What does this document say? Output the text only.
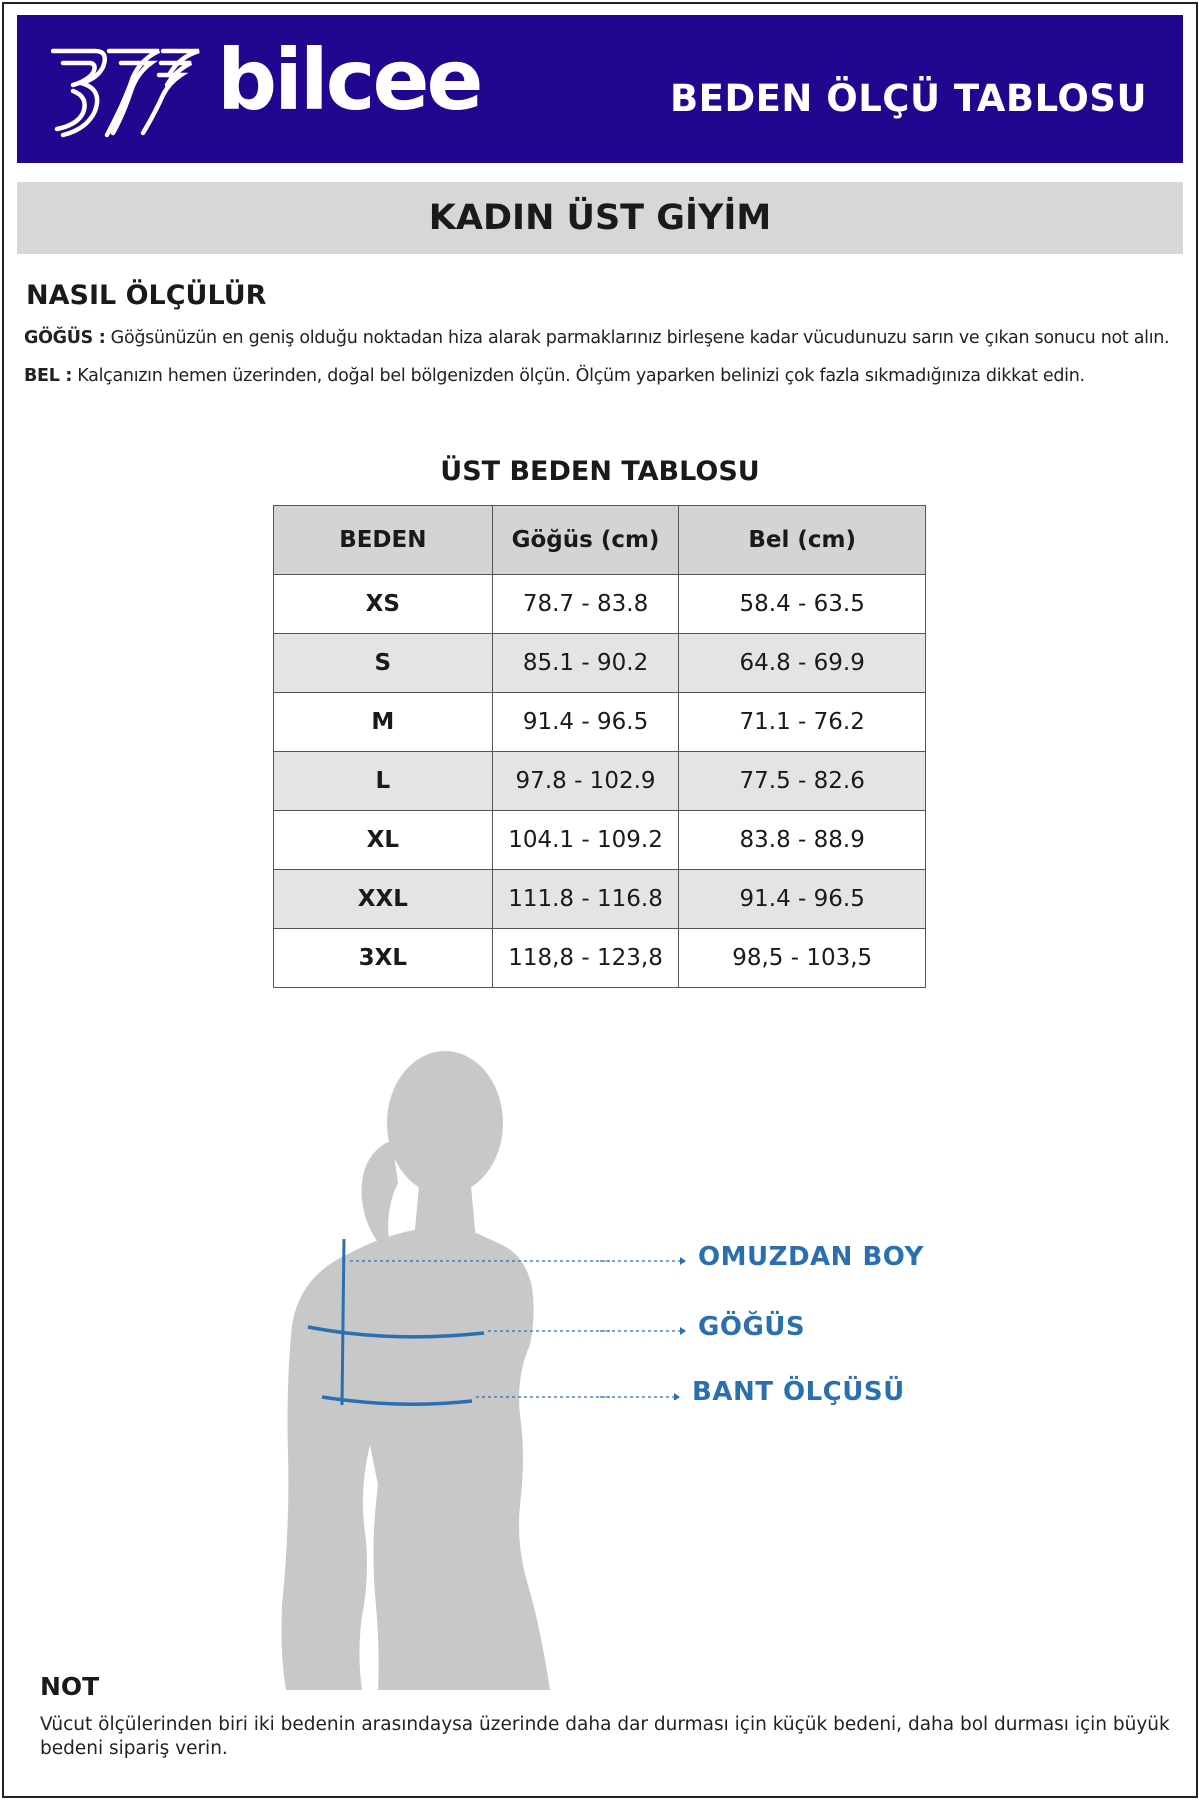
bilcee	BEDEN ÖLÇÜ TABLOSU
KADIN ÜST GİYİM
NASIL ÖLÇÜLÜR
GÖĞÜS : Göğsünüzün en geniş olduğu noktadan hiza alarak parmaklarınız birleşene kadar vücudunuzu sarın ve çıkan sonucu not alın.
BEL : Kalçanızın hemen üzerinden, doğal bel bölgenizden ölçün. Ölçüm yaparken belinizi çok fazla sıkmadığınıza dikkat edin.
ÜST BEDEN TABLOSU
BEDEN	Göğüs (cm)	Bel (cm)
XS	78.7 - 83.8	58.4 - 63.5
S	85.1 - 90.2	64.8 - 69.9
M	91.4 - 96.5	71.1 - 76.2
L	97.8 - 102.9	77.5 - 82.6
XL	104.1 - 109.2	83.8 - 88.9
XXL	111.8 - 116.8	91.4 - 96.5
3XL	118,8 - 123,8	98,5 - 103,5
OMUZDAN BOY
GÖĞÜS
BANT ÖLÇÜSÜ
NOT
Vücut ölçülerinden biri iki bedenin arasındaysa üzerinde daha dar durması için küçük bedeni, daha bol durması için büyük bedeni sipariş verin.
